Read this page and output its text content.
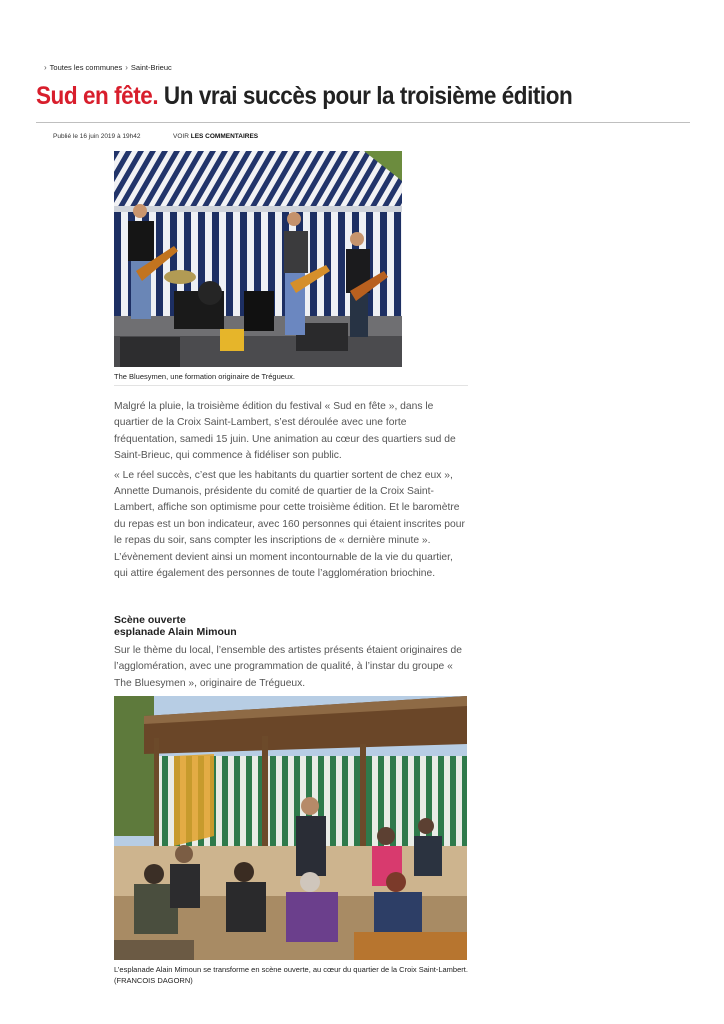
› Toutes les communes › Saint-Brieuc
Sud en fête. Un vrai succès pour la troisième édition
Publié le 16 juin 2019 à 19h42	VOIR LES COMMENTAIRES
The Bluesymen, une formation originaire de Trégueux.

Malgré la pluie, la troisième édition du festival « Sud en fête », dans le quartier de la Croix Saint-Lambert, s’est déroulée avec une forte fréquentation, samedi 15 juin. Une animation au cœur des quartiers sud de Saint-Brieuc, qui commence à fidéliser son public.

« Le réel succès, c’est que les habitants du quartier sortent de chez eux », Annette Dumanois, présidente du comité de quartier de la Croix Saint-Lambert, affiche son optimisme pour cette troisième édition. Et le baromètre du repas est un bon indicateur, avec 160 personnes qui étaient inscrites pour le repas du soir, sans compter les inscriptions de « dernière minute ». L’évènement devient ainsi un moment incontournable de la vie du quartier, qui attire également des personnes de toute l’agglomération briochine.

Scène ouverte
esplanade Alain Mimoun

Sur le thème du local, l’ensemble des artistes présents étaient originaires de l’agglomération, avec une programmation de qualité, à l’instar du groupe « The Bluesymen », originaire de Trégueux.

L’esplanade Alain Mimoun se transforme en scène ouverte, au cœur du quartier de la Croix Saint-Lambert. (FRANCOIS DAGORN)
